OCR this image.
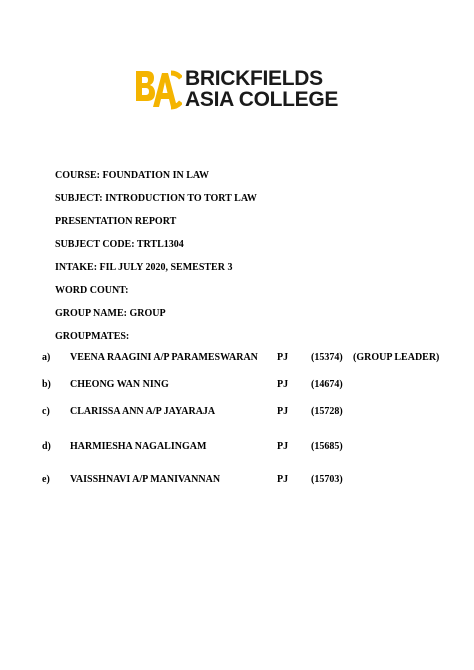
BRICKFIELDS
ASIA COLLEGE
COURSE: FOUNDATION IN LAW
SUBJECT: INTRODUCTION TO TORT LAW
PRESENTATION REPORT
SUBJECT CODE: TRTL1304
INTAKE: FIL JULY 2020, SEMESTER 3
WORD COUNT:
GROUP NAME: GROUP
GROUPMATES:
a) VEENA RAAGINI A/P PARAMESWARAN PJ (15374) (GROUP LEADER)
b) CHEONG WAN NING	PJ (14674)
c) CLARISSA ANN A/P JAYARAJA	PJ (15728)
d) HARMIESHA NAGALINGAM	PJ (15685)
e) VAISSHNAVI A/P MANIVANNAN	PJ (15703)
